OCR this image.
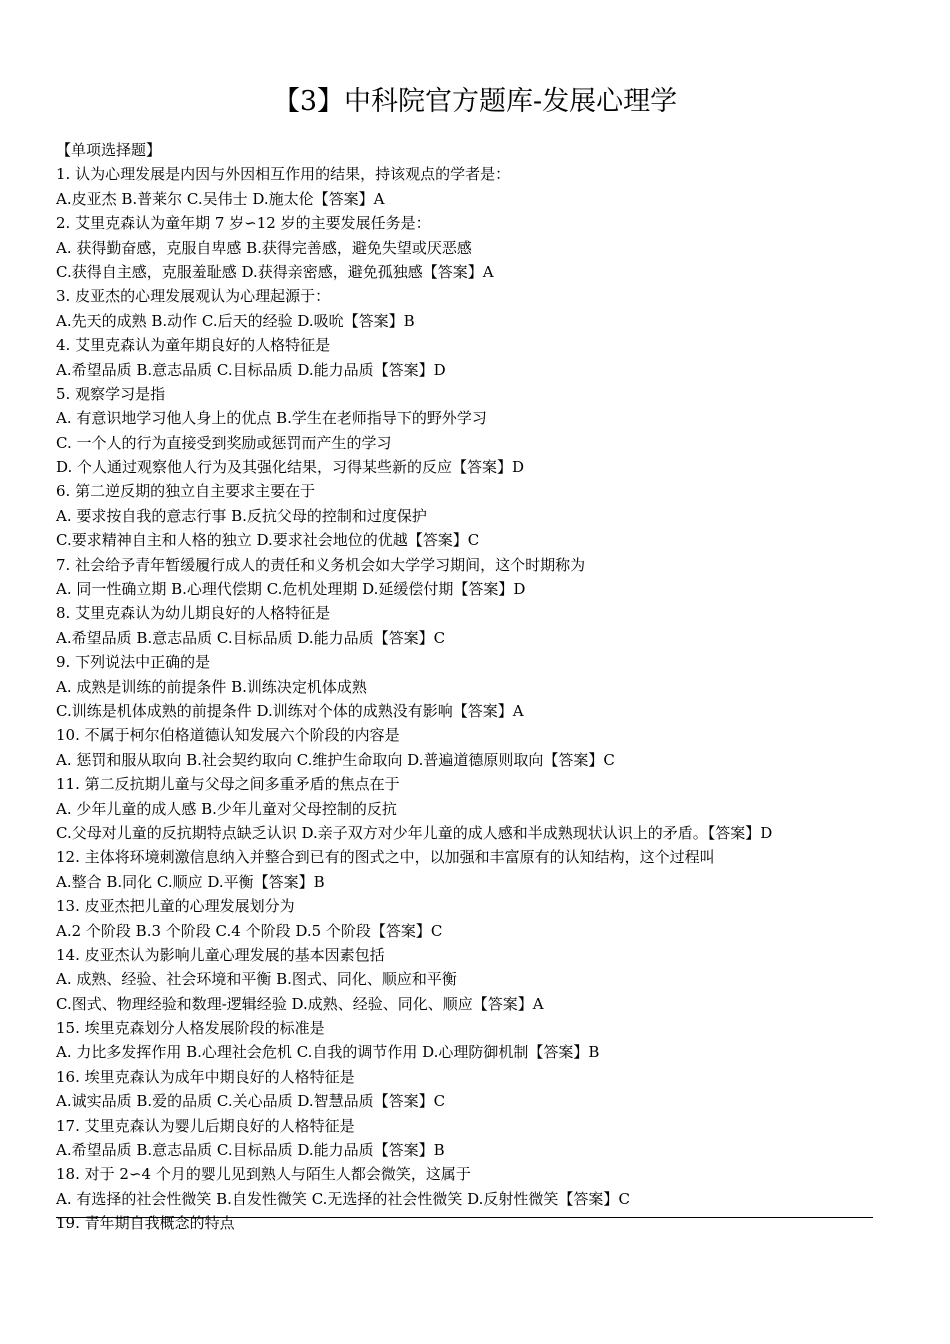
【3】中科院官方题库-发展心理学
【单项选择题】
1. 认为心理发展是内因与外因相互作用的结果，持该观点的学者是：
A.皮亚杰 B.普莱尔 C.吴伟士 D.施太伦【答案】A
2. 艾里克森认为童年期 7 岁∽12 岁的主要发展任务是：
A. 获得勤奋感，克服自卑感 B.获得完善感，避免失望或厌恶感
C.获得自主感，克服羞耻感 D.获得亲密感，避免孤独感【答案】A
3. 皮亚杰的心理发展观认为心理起源于：
A.先天的成熟 B.动作 C.后天的经验 D.吸吮【答案】B
4. 艾里克森认为童年期良好的人格特征是
A.希望品质 B.意志品质 C.目标品质 D.能力品质【答案】D
5. 观察学习是指
A. 有意识地学习他人身上的优点 B.学生在老师指导下的野外学习
C. 一个人的行为直接受到奖励或惩罚而产生的学习
D. 个人通过观察他人行为及其强化结果，习得某些新的反应【答案】D
6. 第二逆反期的独立自主要求主要在于
A. 要求按自我的意志行事 B.反抗父母的控制和过度保护
C.要求精神自主和人格的独立 D.要求社会地位的优越【答案】C
7. 社会给予青年暂缓履行成人的责任和义务机会如大学学习期间，这个时期称为
A. 同一性确立期 B.心理代偿期 C.危机处理期 D.延缓偿付期【答案】D
8. 艾里克森认为幼儿期良好的人格特征是
A.希望品质 B.意志品质 C.目标品质 D.能力品质【答案】C
9. 下列说法中正确的是
A. 成熟是训练的前提条件 B.训练决定机体成熟
C.训练是机体成熟的前提条件 D.训练对个体的成熟没有影响【答案】A
10. 不属于柯尔伯格道德认知发展六个阶段的内容是
A. 惩罚和服从取向 B.社会契约取向 C.维护生命取向 D.普遍道德原则取向【答案】C
11. 第二反抗期儿童与父母之间多重矛盾的焦点在于
A. 少年儿童的成人感 B.少年儿童对父母控制的反抗
C.父母对儿童的反抗期特点缺乏认识 D.亲子双方对少年儿童的成人感和半成熟现状认识上的矛盾。【答案】D
12. 主体将环境刺激信息纳入并整合到已有的图式之中，以加强和丰富原有的认知结构，这个过程叫
A.整合 B.同化 C.顺应 D.平衡【答案】B
13. 皮亚杰把儿童的心理发展划分为
A.2 个阶段 B.3 个阶段 C.4 个阶段 D.5 个阶段【答案】C
14. 皮亚杰认为影响儿童心理发展的基本因素包括
A. 成熟、经验、社会环境和平衡 B.图式、同化、顺应和平衡
C.图式、物理经验和数理-逻辑经验 D.成熟、经验、同化、顺应【答案】A
15. 埃里克森划分人格发展阶段的标准是
A. 力比多发挥作用 B.心理社会危机 C.自我的调节作用 D.心理防御机制【答案】B
16. 埃里克森认为成年中期良好的人格特征是
A.诚实品质 B.爱的品质 C.关心品质 D.智慧品质【答案】C
17. 艾里克森认为婴儿后期良好的人格特征是
A.希望品质 B.意志品质 C.目标品质 D.能力品质【答案】B
18. 对于 2∽4 个月的婴儿见到熟人与陌生人都会微笑，这属于
A. 有选择的社会性微笑 B.自发性微笑 C.无选择的社会性微笑 D.反射性微笑【答案】C
19. 青年期自我概念的特点
